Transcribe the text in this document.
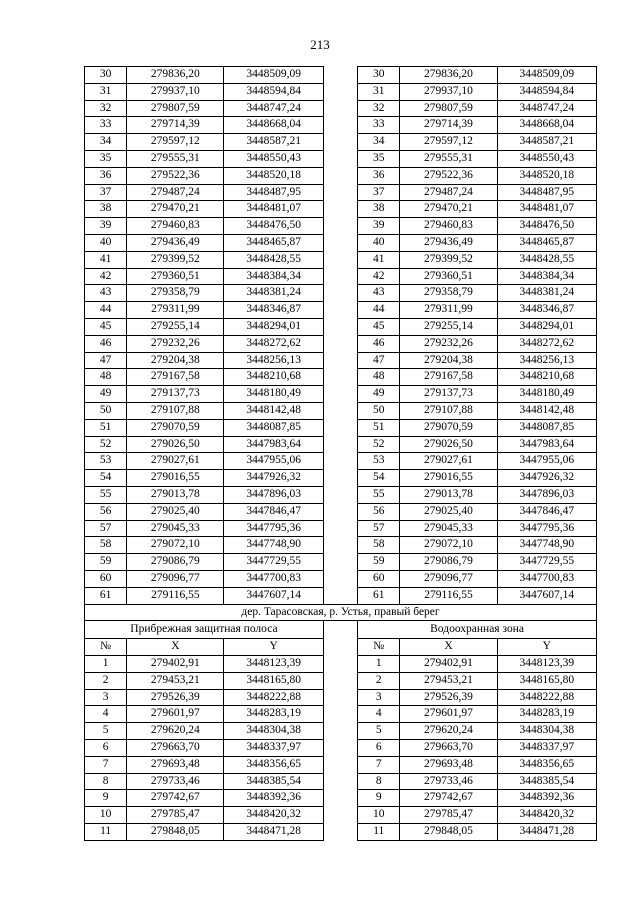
213
30	279836,20	3448509,09		30	279836,20	3448509,09
31	279937,10	3448594,84		31	279937,10	3448594,84
32	279807,59	3448747,24		32	279807,59	3448747,24
33	279714,39	3448668,04		33	279714,39	3448668,04
34	279597,12	3448587,21		34	279597,12	3448587,21
35	279555,31	3448550,43		35	279555,31	3448550,43
36	279522,36	3448520,18		36	279522,36	3448520,18
37	279487,24	3448487,95		37	279487,24	3448487,95
38	279470,21	3448481,07		38	279470,21	3448481,07
39	279460,83	3448476,50		39	279460,83	3448476,50
40	279436,49	3448465,87		40	279436,49	3448465,87
41	279399,52	3448428,55		41	279399,52	3448428,55
42	279360,51	3448384,34		42	279360,51	3448384,34
43	279358,79	3448381,24		43	279358,79	3448381,24
44	279311,99	3448346,87		44	279311,99	3448346,87
45	279255,14	3448294,01		45	279255,14	3448294,01
46	279232,26	3448272,62		46	279232,26	3448272,62
47	279204,38	3448256,13		47	279204,38	3448256,13
48	279167,58	3448210,68		48	279167,58	3448210,68
49	279137,73	3448180,49		49	279137,73	3448180,49
50	279107,88	3448142,48		50	279107,88	3448142,48
51	279070,59	3448087,85		51	279070,59	3448087,85
52	279026,50	3447983,64		52	279026,50	3447983,64
53	279027,61	3447955,06		53	279027,61	3447955,06
54	279016,55	3447926,32		54	279016,55	3447926,32
55	279013,78	3447896,03		55	279013,78	3447896,03
56	279025,40	3447846,47		56	279025,40	3447846,47
57	279045,33	3447795,36		57	279045,33	3447795,36
58	279072,10	3447748,90		58	279072,10	3447748,90
59	279086,79	3447729,55		59	279086,79	3447729,55
60	279096,77	3447700,83		60	279096,77	3447700,83
61	279116,55	3447607,14		61	279116,55	3447607,14
дер. Тарасовская, р. Устья, правый берег						
Прибрежная защитная полоса				Водоохранная зона		
№	X	Y		№	X	Y
1	279402,91	3448123,39		1	279402,91	3448123,39
2	279453,21	3448165,80		2	279453,21	3448165,80
3	279526,39	3448222,88		3	279526,39	3448222,88
4	279601,97	3448283,19		4	279601,97	3448283,19
5	279620,24	3448304,38		5	279620,24	3448304,38
6	279663,70	3448337,97		6	279663,70	3448337,97
7	279693,48	3448356,65		7	279693,48	3448356,65
8	279733,46	3448385,54		8	279733,46	3448385,54
9	279742,67	3448392,36		9	279742,67	3448392,36
10	279785,47	3448420,32		10	279785,47	3448420,32
11	279848,05	3448471,28		11	279848,05	3448471,28
